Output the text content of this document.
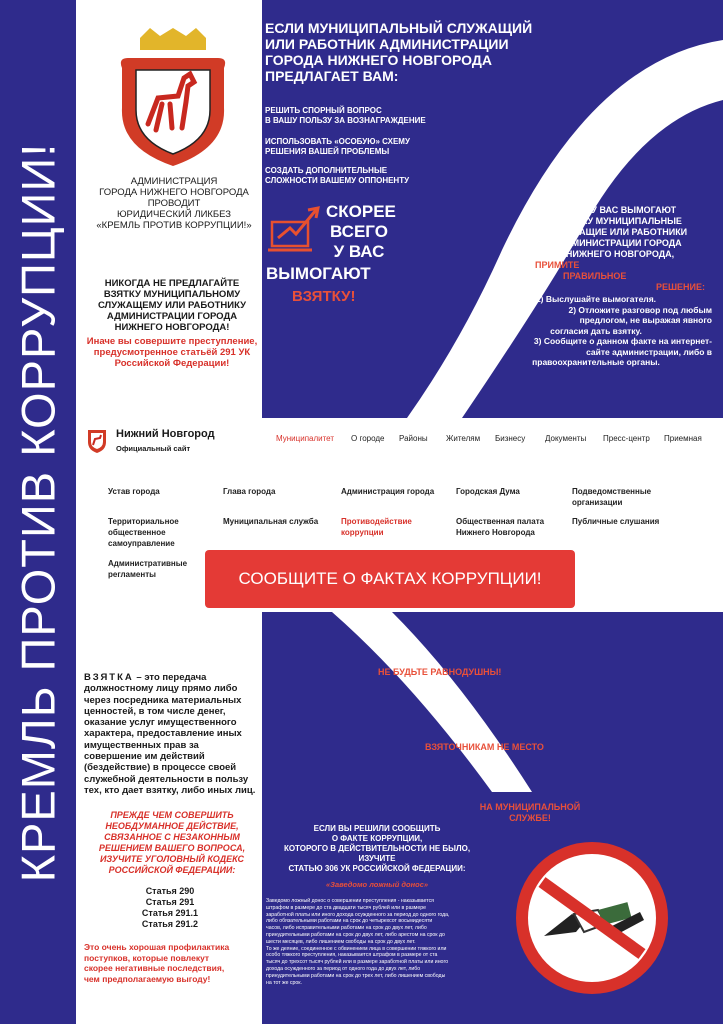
КРЕМЛЬ ПРОТИВ КОРРУПЦИИ!	АДМИНИСТРАЦИЯ
ГОРОДА НИЖНЕГО НОВГОРОДА
ПРОВОДИТ
ЮРИДИЧЕСКИЙ ЛИКБЕЗ
«КРЕМЛЬ ПРОТИВ КОРРУПЦИИ!»
НИКОГДА НЕ ПРЕДЛАГАЙТЕ
ВЗЯТКУ МУНИЦИПАЛЬНОМУ
СЛУЖАЩЕМУ ИЛИ РАБОТНИКУ
АДМИНИСТРАЦИИ ГОРОДА
НИЖНЕГО НОВГОРОДА!
Иначе вы совершите преступление,
предусмотренное статьёй 291 УК
Российской Федерации!
ЕСЛИ МУНИЦИПАЛЬНЫЙ СЛУЖАЩИЙ
ИЛИ РАБОТНИК АДМИНИСТРАЦИИ
ГОРОДА НИЖНЕГО НОВГОРОДА
ПРЕДЛАГАЕТ ВАМ:
РЕШИТЬ СПОРНЫЙ ВОПРОС
В ВАШУ ПОЛЬЗУ ЗА ВОЗНАГРАЖДЕНИЕ
ИСПОЛЬЗОВАТЬ «ОСОБУЮ» СХЕМУ
РЕШЕНИЯ ВАШЕЙ ПРОБЛЕМЫ
СОЗДАТЬ ДОПОЛНИТЕЛЬНЫЕ
СЛОЖНОСТИ ВАШЕМУ ОППОНЕНТУ
СКОРЕЕ
ВСЕГО
У ВАС
ВЫМОГАЮТ
ВЗЯТКУ!
ЕСЛИ У ВАС ВЫМОГАЮТ
ВЗЯТКУ МУНИЦИПАЛЬНЫЕ
СЛУЖАЩИЕ ИЛИ РАБОТНИКИ
АДМИНИСТРАЦИИ ГОРОДА
НИЖНЕГО НОВГОРОДА,
ПРИМИТЕ
ПРАВИЛЬНОЕ
РЕШЕНИЕ:
1) Выслушайте вымогателя.
2) Отложите разговор под любым
предлогом, не выражая явного
согласия дать взятку.
3) Сообщите о данном факте на интернет-
сайте администрации, либо в
правоохранительные органы.
Нижний Новгород
Официальный сайт
Муниципалитет О городе Районы Жителям Бизнесу Документы Пресс-центр Приемная
Устав города	Глава города	Администрация города	Городская Дума	Подведомственные
организации
Территориальное
общественное
самоуправление
Муниципальная служба	Противодействие
коррупции
Общественная палата
Нижнего Новгорода
Публичные слушания
Административные
регламенты	СООБЩИТЕ О ФАКТАХ КОРРУПЦИИ!
ВЗЯТКА – это передача
должностному лицу прямо либо
через посредника материальных
ценностей, в том числе денег,
оказание услуг имущественного
характера, предоставление иных
имущественных прав за
совершение им действий
(бездействие) в процессе своей
служебной деятельности в пользу
тех, кто дает взятку, либо иных лиц.
ПРЕЖДЕ ЧЕМ СОВЕРШИТЬ
НЕОБДУМАННОЕ ДЕЙСТВИЕ,
СВЯЗАННОЕ С НЕЗАКОННЫМ
РЕШЕНИЕМ ВАШЕГО ВОПРОСА,
ИЗУЧИТЕ УГОЛОВНЫЙ КОДЕКС
РОССИЙСКОЙ ФЕДЕРАЦИИ:
Статья 290
Статья 291
Статья 291.1
Статья 291.2
Это очень хорошая профилактика
поступков, которые повлекут
скорее негативные последствия,
чем предполагаемую выгоду!
НЕ БУДЬТЕ РАВНОДУШНЫ!
ВЗЯТОЧНИКАМ НЕ МЕСТО
НА МУНИЦИПАЛЬНОЙ
СЛУЖБЕ!
ЕСЛИ ВЫ РЕШИЛИ СООБЩИТЬ
О ФАКТЕ КОРРУПЦИИ,
КОТОРОГО В ДЕЙСТВИТЕЛЬНОСТИ НЕ БЫЛО,
ИЗУЧИТЕ
СТАТЬЮ 306 УК РОССИЙСКОЙ ФЕДЕРАЦИИ:
«Заведомо ложный донос»
Заведомо ложный донос о совершении преступления - наказывается
штрафом в размере до ста двадцати тысяч рублей или в размере
заработной платы или иного дохода осужденного за период до одного года,
либо обязательными работами на срок до четырехсот восьмидесяти
часов, либо исправительными работами на срок до двух лет, либо
принудительными работами на срок до двух лет, либо арестом на срок до
шести месяцев, либо лишением свободы на срок до двух лет.
То же деяние, соединенное с обвинением лица в совершении тяжкого или
особо тяжкого преступления, наказывается штрафом в размере от ста
тысяч до трехсот тысяч рублей или в размере заработной платы или иного
дохода осужденного за период от одного года до двух лет, либо
принудительными работами на срок до трех лет, либо лишением свободы
на тот же срок.
